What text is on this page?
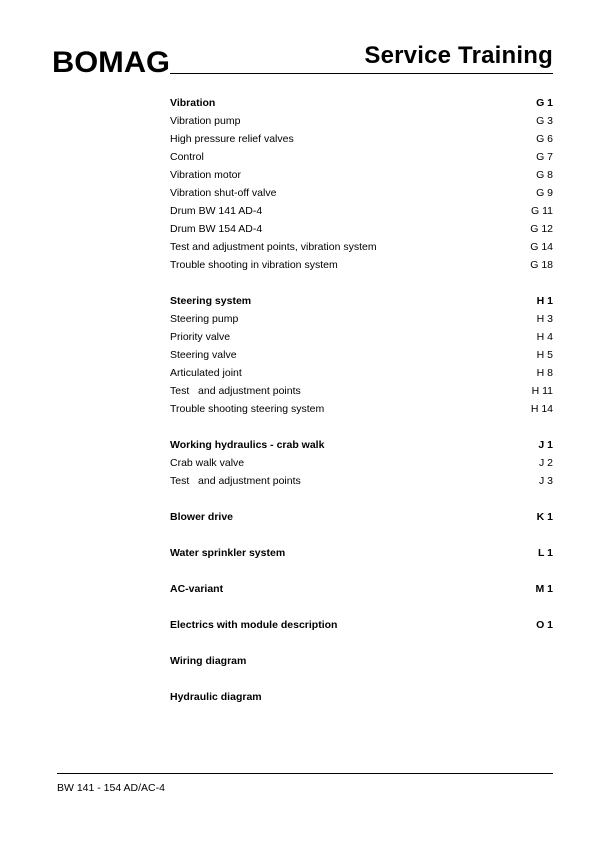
BOMAG	Service Training
Vibration	G 1
Vibration pump	G 3
High pressure relief valves	G 6
Control	G 7
Vibration motor	G 8
Vibration shut-off valve	G 9
Drum BW 141 AD-4	G 11
Drum BW 154 AD-4	G 12
Test and adjustment points, vibration system	G 14
Trouble shooting in vibration system	G 18
Steering system	H 1
Steering pump	H 3
Priority valve	H 4
Steering valve	H 5
Articulated joint	H 8
Test   and adjustment points	H 11
Trouble shooting steering system	H 14
Working hydraulics - crab walk	J 1
Crab walk valve	J 2
Test   and adjustment points	J 3
Blower drive	K 1
Water sprinkler system	L 1
AC-variant	M 1
Electrics with module description	O 1
Wiring diagram
Hydraulic diagram
BW 141 - 154 AD/AC-4
